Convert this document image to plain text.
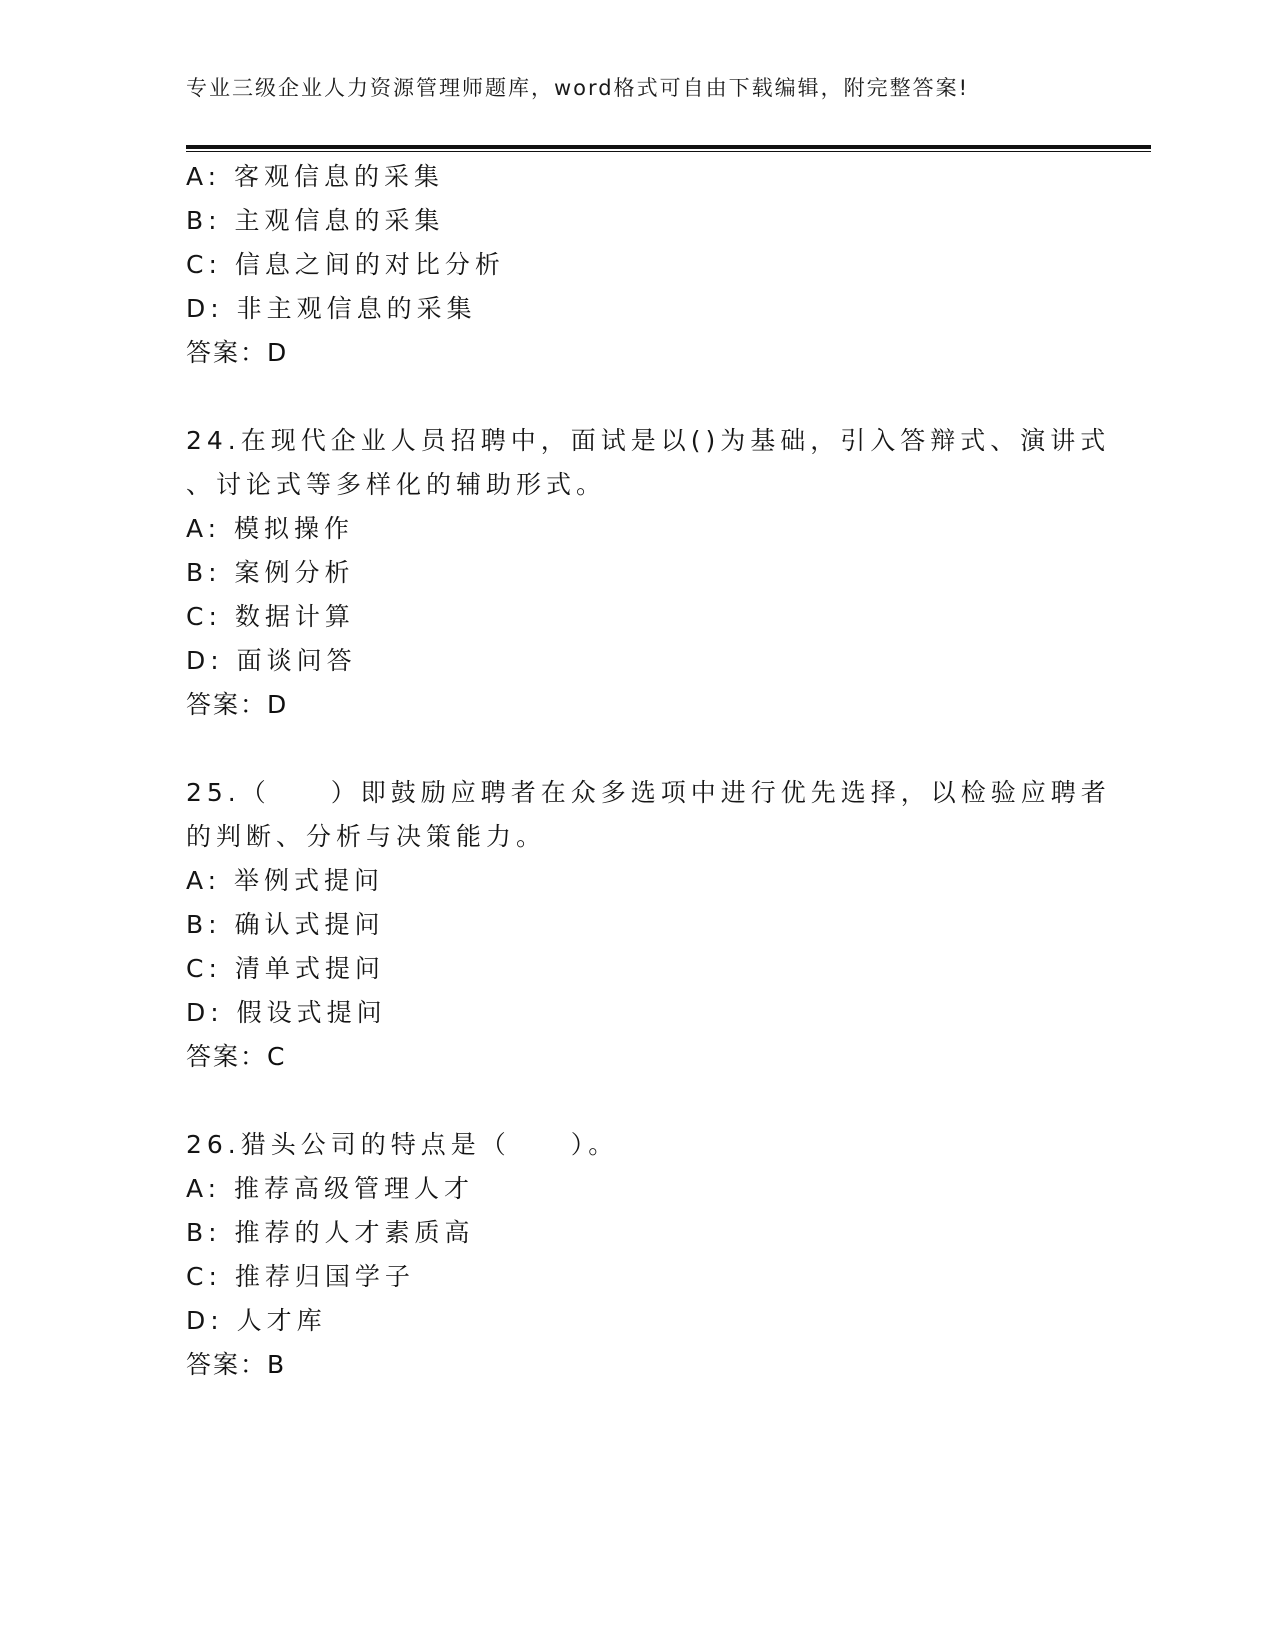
专业三级企业人力资源管理师题库，word格式可自由下载编辑，附完整答案!
A: 客观信息的采集
B: 主观信息的采集
C: 信息之间的对比分析
D: 非主观信息的采集
答案：D
24.在现代企业人员招聘中，面试是以()为基础，引入答辩式、演讲式
、讨论式等多样化的辅助形式。
A: 模拟操作
B: 案例分析
C: 数据计算
D: 面谈问答
答案：D
25.（　　）即鼓励应聘者在众多选项中进行优先选择，以检验应聘者
的判断、分析与决策能力。
A: 举例式提问
B: 确认式提问
C: 清单式提问
D: 假设式提问
答案：C
26.猎头公司的特点是（　　）。
A: 推荐高级管理人才
B: 推荐的人才素质高
C: 推荐归国学子
D: 人才库
答案：B
